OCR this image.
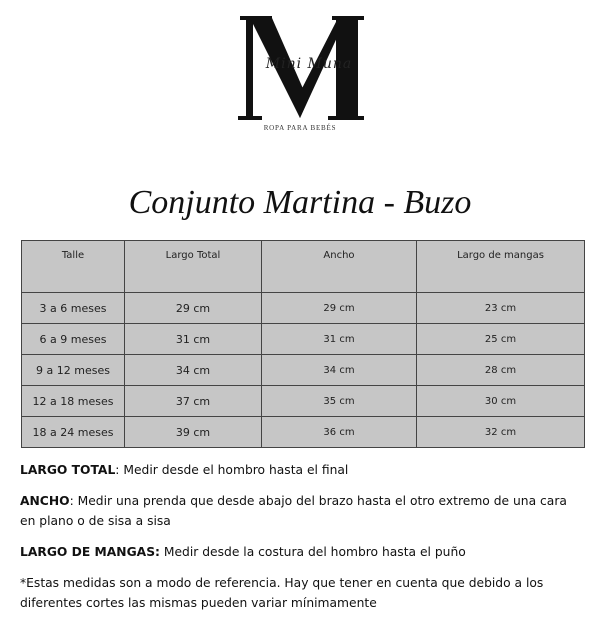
Mini Muna
ROPA PARA BEBÉS
Conjunto Martina - Buzo
Talle	Largo Total	Ancho	Largo de mangas
3 a 6 meses	29 cm	29 cm	23 cm
6 a 9 meses	31 cm	31 cm	25 cm
9 a 12 meses	34 cm	34 cm	28 cm
12 a 18 meses	37 cm	35 cm	30 cm
18 a 24 meses	39 cm	36 cm	32 cm

LARGO TOTAL: Medir desde el hombro hasta el final

ANCHO: Medir una prenda que desde abajo del brazo hasta el otro extremo de una cara en plano o de sisa a sisa

LARGO DE MANGAS: Medir desde la costura del hombro hasta el puño

*Estas medidas son a modo de referencia. Hay que tener en cuenta que debido a los diferentes cortes las mismas pueden variar mínimamente
